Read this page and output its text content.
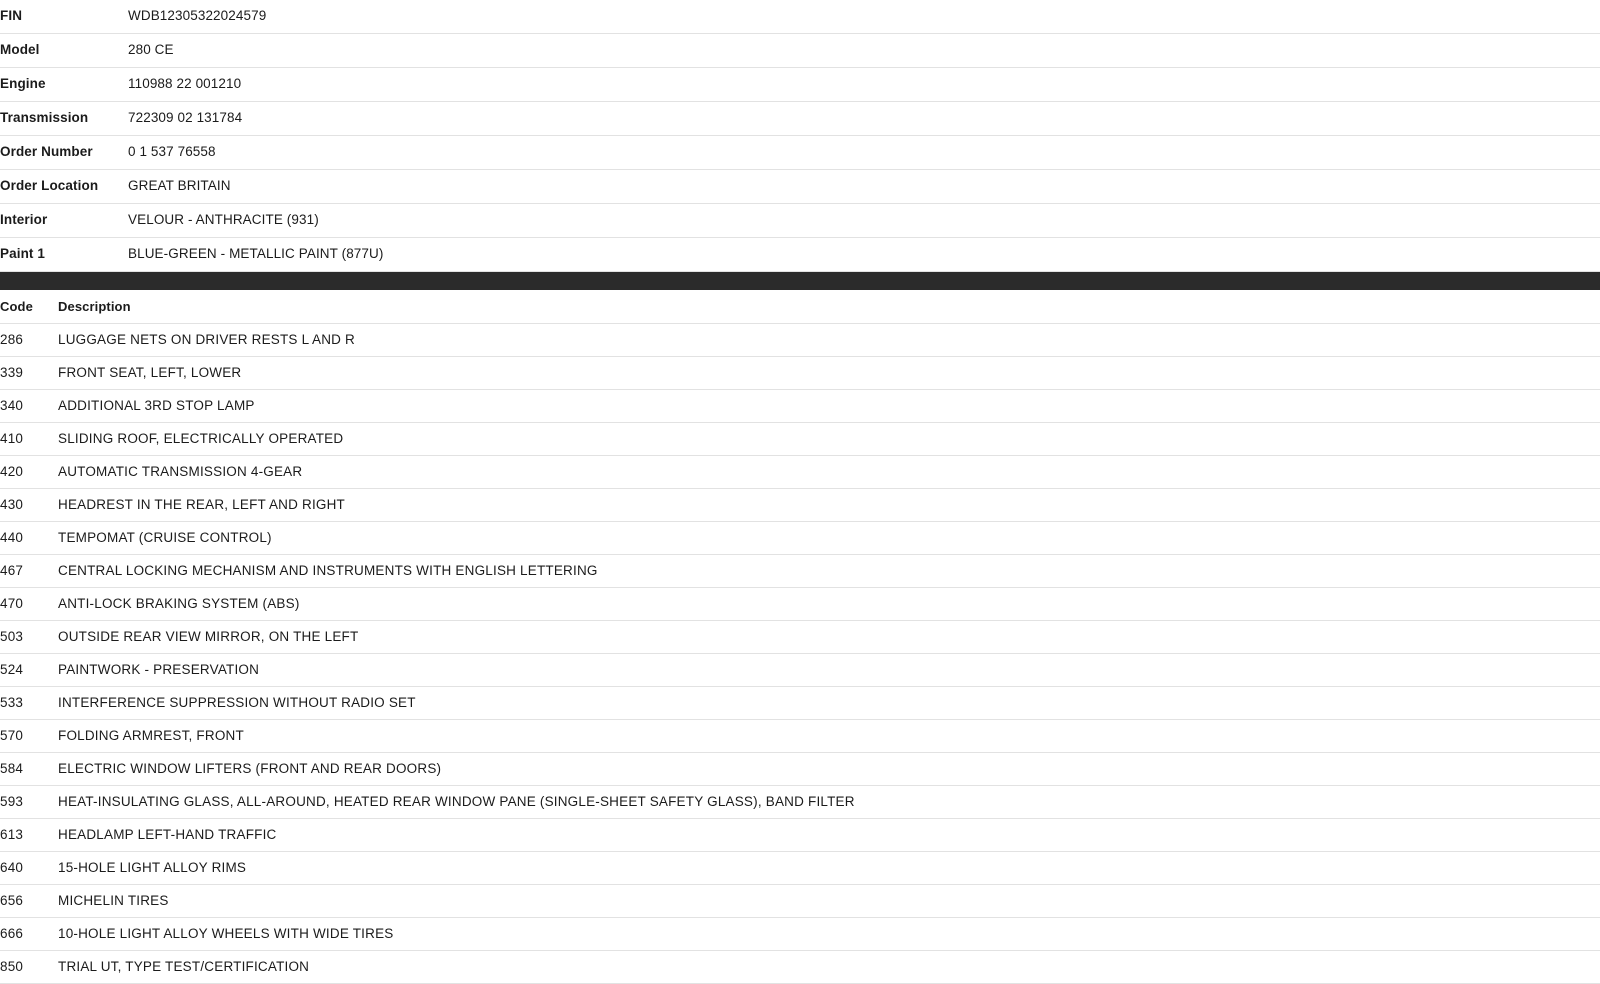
FIN	WDB12305322024579
Model	280 CE
Engine	110988 22 001210
Transmission	722309 02 131784
Order Number	0 1 537 76558
Order Location	GREAT BRITAIN
Interior	VELOUR - ANTHRACITE (931)
Paint 1	BLUE-GREEN - METALLIC PAINT (877U)
Code	Description
286	LUGGAGE NETS ON DRIVER RESTS L AND R
339	FRONT SEAT, LEFT, LOWER
340	ADDITIONAL 3RD STOP LAMP
410	SLIDING ROOF, ELECTRICALLY OPERATED
420	AUTOMATIC TRANSMISSION 4-GEAR
430	HEADREST IN THE REAR, LEFT AND RIGHT
440	TEMPOMAT (CRUISE CONTROL)
467	CENTRAL LOCKING MECHANISM AND INSTRUMENTS WITH ENGLISH LETTERING
470	ANTI-LOCK BRAKING SYSTEM (ABS)
503	OUTSIDE REAR VIEW MIRROR, ON THE LEFT
524	PAINTWORK - PRESERVATION
533	INTERFERENCE SUPPRESSION WITHOUT RADIO SET
570	FOLDING ARMREST, FRONT
584	ELECTRIC WINDOW LIFTERS (FRONT AND REAR DOORS)
593	HEAT-INSULATING GLASS, ALL-AROUND, HEATED REAR WINDOW PANE (SINGLE-SHEET SAFETY GLASS), BAND FILTER
613	HEADLAMP LEFT-HAND TRAFFIC
640	15-HOLE LIGHT ALLOY RIMS
656	MICHELIN TIRES
666	10-HOLE LIGHT ALLOY WHEELS WITH WIDE TIRES
850	TRIAL UT, TYPE TEST/CERTIFICATION
